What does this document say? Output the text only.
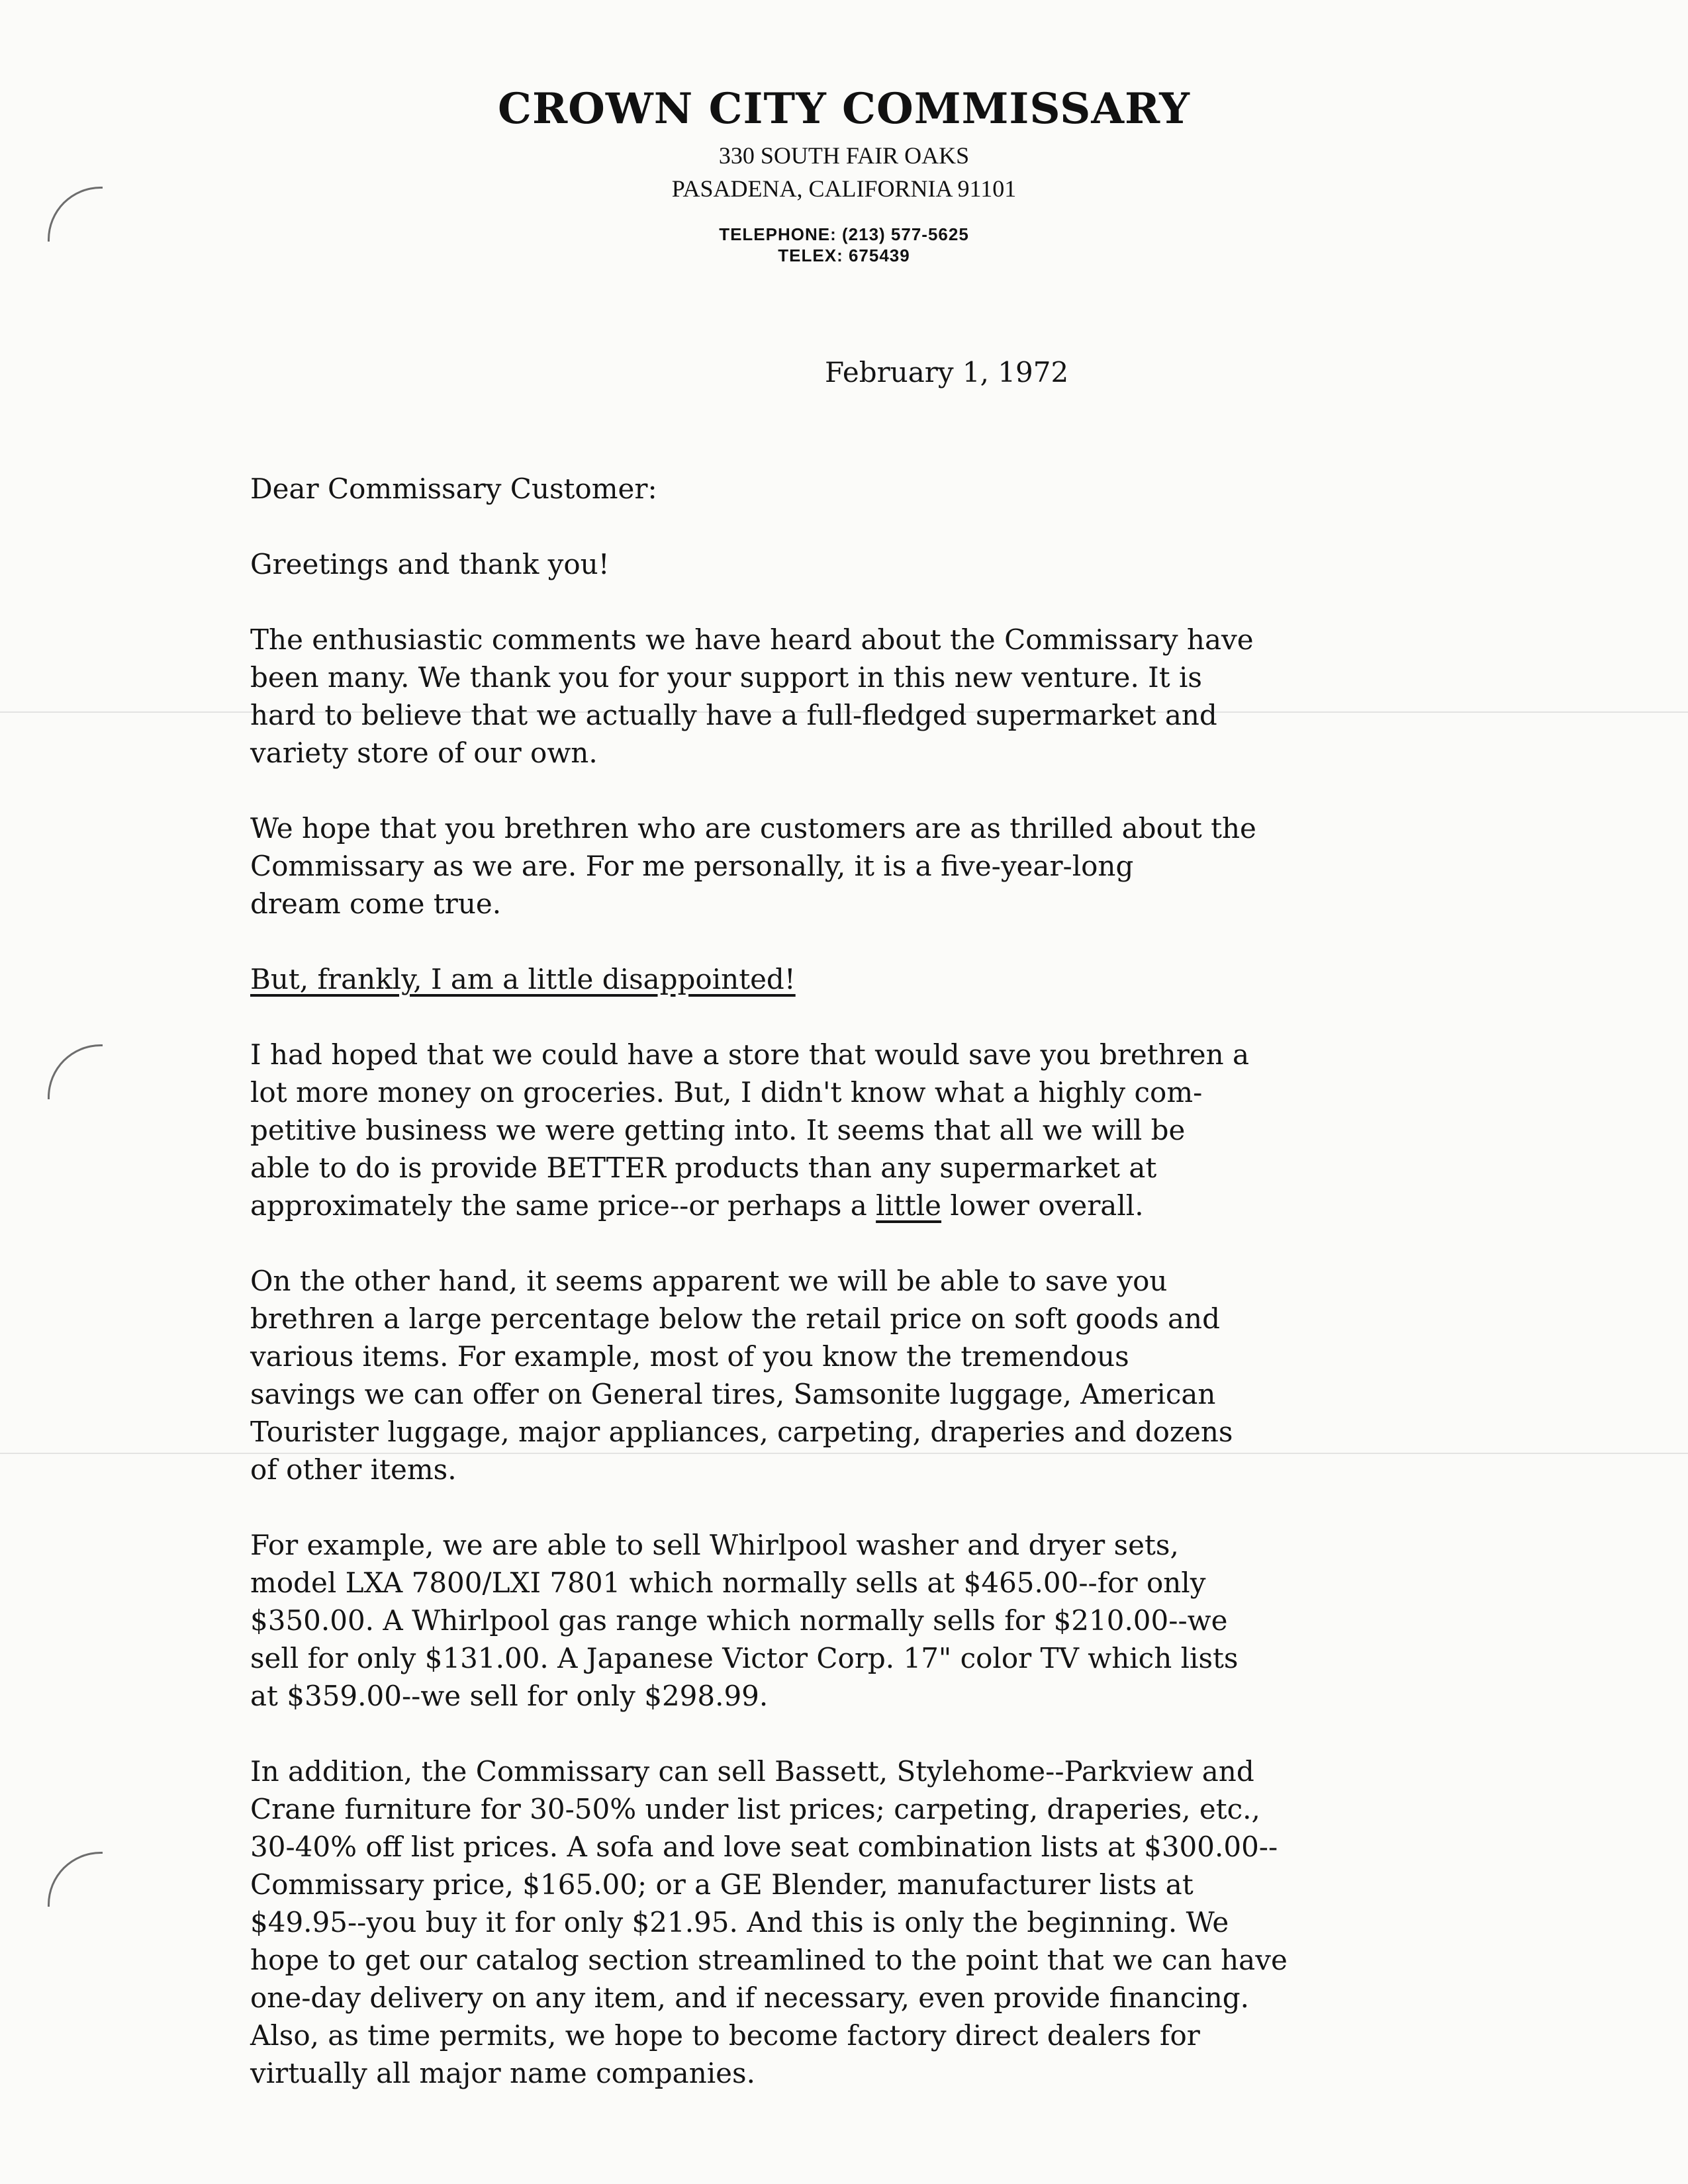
CROWN CITY COMMISSARY

330 SOUTH FAIR OAKS

PASADENA, CALIFORNIA 91101

TELEPHONE: (213) 577-5625

TELEX: 675439

February 1, 1972

Dear Commissary Customer:

Greetings and thank you!

The enthusiastic comments we have heard about the Commissary have
been many. We thank you for your support in this new venture. It is
hard to believe that we actually have a full-fledged supermarket and
variety store of our own.

We hope that you brethren who are customers are as thrilled about the
Commissary as we are. For me personally, it is a five-year-long
dream come true.

But, frankly, I am a little disappointed!

I had hoped that we could have a store that would save you brethren a
lot more money on groceries. But, I didn't know what a highly com-
petitive business we were getting into. It seems that all we will be
able to do is provide BETTER products than any supermarket at
approximately the same price--or perhaps a little lower overall.

On the other hand, it seems apparent we will be able to save you
brethren a large percentage below the retail price on soft goods and
various items. For example, most of you know the tremendous
savings we can offer on General tires, Samsonite luggage, American
Tourister luggage, major appliances, carpeting, draperies and dozens
of other items.

For example, we are able to sell Whirlpool washer and dryer sets,
model LXA 7800/LXI 7801 which normally sells at $465.00--for only
$350.00. A Whirlpool gas range which normally sells for $210.00--we
sell for only $131.00. A Japanese Victor Corp. 17" color TV which lists
at $359.00--we sell for only $298.99.

In addition, the Commissary can sell Bassett, Stylehome--Parkview and
Crane furniture for 30-50% under list prices; carpeting, draperies, etc.,
30-40% off list prices. A sofa and love seat combination lists at $300.00--
Commissary price, $165.00; or a GE Blender, manufacturer lists at
$49.95--you buy it for only $21.95. And this is only the beginning. We
hope to get our catalog section streamlined to the point that we can have
one-day delivery on any item, and if necessary, even provide financing.
Also, as time permits, we hope to become factory direct dealers for
virtually all major name companies.
